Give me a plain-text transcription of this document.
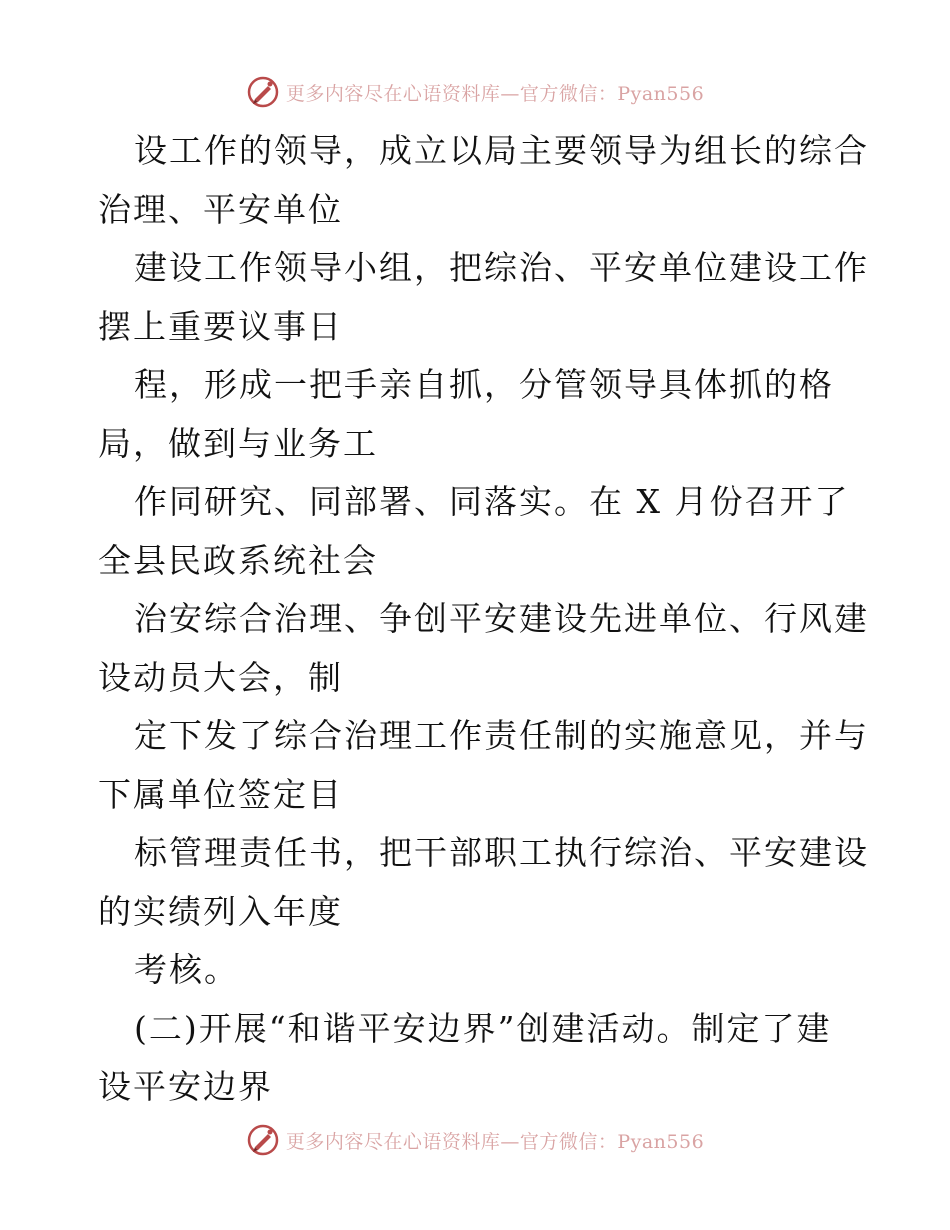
更多内容尽在心语资料库—官方微信：Pyan556
设工作的领导，成立以局主要领导为组长的综合
治理、平安单位
建设工作领导小组，把综治、平安单位建设工作
摆上重要议事日
程，形成一把手亲自抓，分管领导具体抓的格
局，做到与业务工
作同研究、同部署、同落实。在 X 月份召开了
全县民政系统社会
治安综合治理、争创平安建设先进单位、行风建
设动员大会，制
定下发了综合治理工作责任制的实施意见，并与
下属单位签定目
标管理责任书，把干部职工执行综治、平安建设
的实绩列入年度
考核。
(二)开展“和谐平安边界”创建活动。制定了建
设平安边界
更多内容尽在心语资料库—官方微信：Pyan556
